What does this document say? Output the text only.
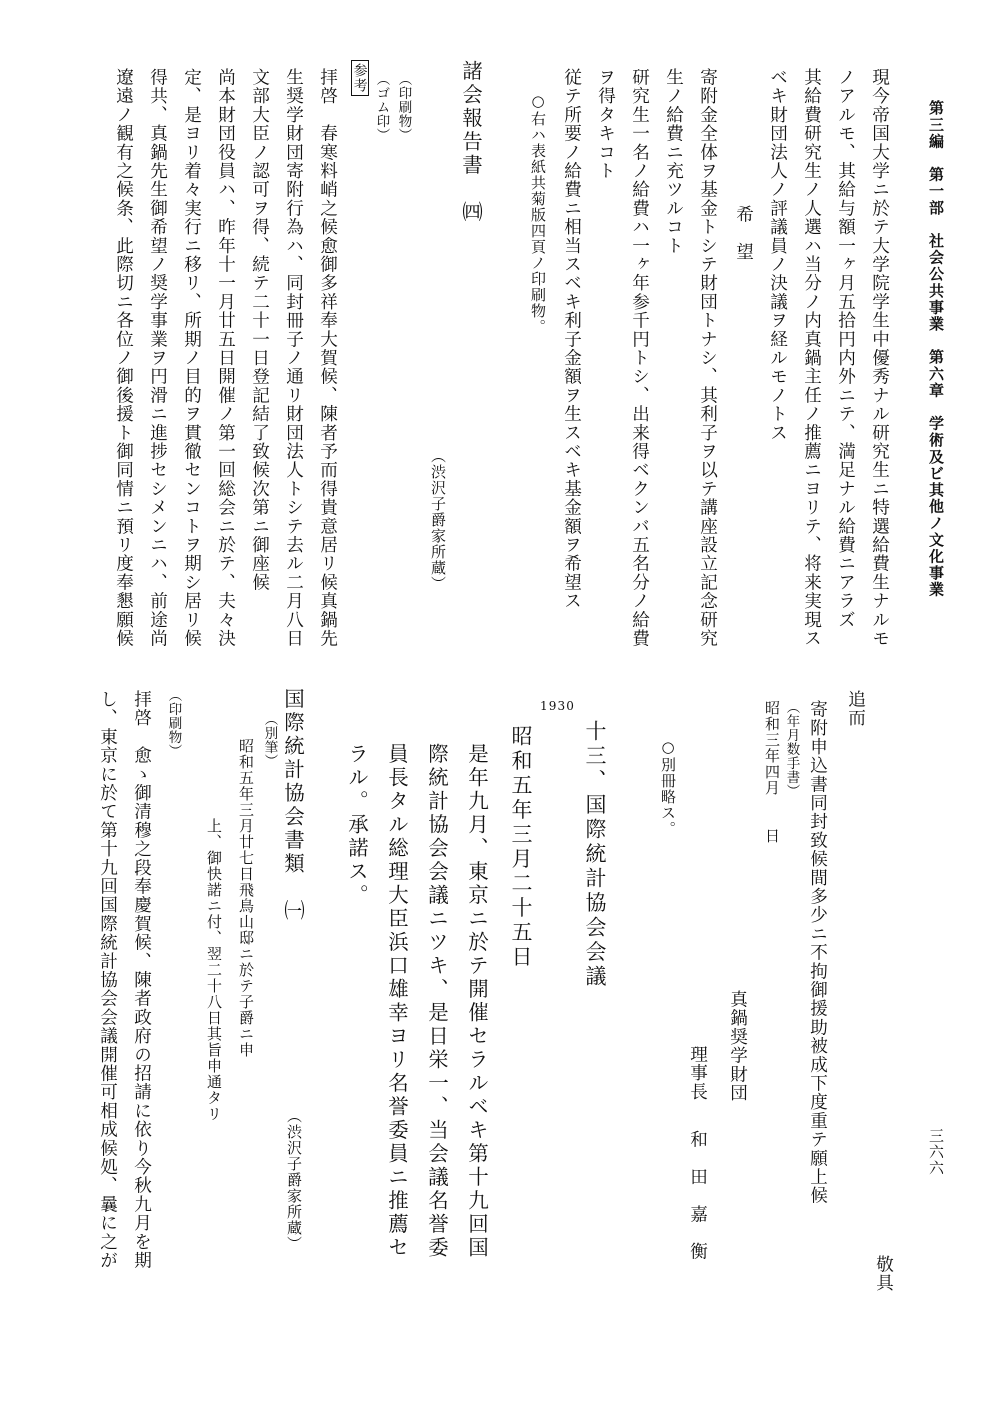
第三編　第一部　社会公共事業　第六章　学術及ビ其他ノ文化事業
現今帝国大学ニ於テ大学院学生中優秀ナル研究生ニ特選給費生ナルモ
ノアルモ、其給与額一ヶ月五拾円内外ニテ、満足ナル給費ニアラズ
其給費研究生ノ人選ハ当分ノ内真鍋主任ノ推薦ニヨリテ、将来実現ス
ベキ財団法人ノ評議員ノ決議ヲ経ルモノトス
希　望
寄附金全体ヲ基金トシテ財団トナシ、其利子ヲ以テ講座設立記念研究
生ノ給費ニ充ツルコト
研究生一名ノ給費ハ一ヶ年参千円トシ、出来得ベクンバ五名分ノ給費
ヲ得タキコト
従テ所要ノ給費ニ相当スベキ利子金額ヲ生スベキ基金額ヲ希望ス
○右ハ表紙共菊版四頁ノ印刷物。
諸会報告書　㈣
（渋沢子爵家所蔵）
（印刷物）
（ゴム印）
参考
拝啓　春寒料峭之候愈御多祥奉大賀候、陳者予而得貴意居リ候真鍋先
生奨学財団寄附行為ハ、同封冊子ノ通リ財団法人トシテ去ル二月八日
文部大臣ノ認可ヲ得、続テ二十一日登記結了致候次第ニ御座候
尚本財団役員ハ、昨年十一月廿五日開催ノ第一回総会ニ於テ、夫々決
定、是ヨリ着々実行ニ移リ、所期ノ目的ヲ貫徹センコトヲ期シ居リ候
得共、真鍋先生御希望ノ奨学事業ヲ円滑ニ進捗セシメンニハ、前途尚
遼遠ノ観有之候条、此際切ニ各位ノ御後援ト御同情ニ預リ度奉懇願候
追而
寄附申込書同封致候間多少ニ不拘御援助被成下度重テ願上候
（年月数手書）
昭和三年四月　　日
三六六
敬具
真鍋奨学財団
理事長
和　田　嘉　衡
○別冊略ス。
十三、国際統計協会会議
1930
昭和五年三月二十五日
是年九月、東京ニ於テ開催セラルベキ第十九回国
際統計協会会議ニツキ、是日栄一、当会議名誉委
員長タル総理大臣浜口雄幸ヨリ名誉委員ニ推薦セ
ラル。承諾ス。
国際統計協会書類　㈠
（渋沢子爵家所蔵）
（別筆）
昭和五年三月廿七日飛鳥山邸ニ於テ子爵ニ申
上、御快諾ニ付、翌二十八日其旨申通タリ
（印刷物）
拝啓　愈ゝ御清穆之段奉慶賀候、陳者政府の招請に依り今秋九月を期
し、東京に於て第十九回国際統計協会会議開催可相成候処、曩に之が
